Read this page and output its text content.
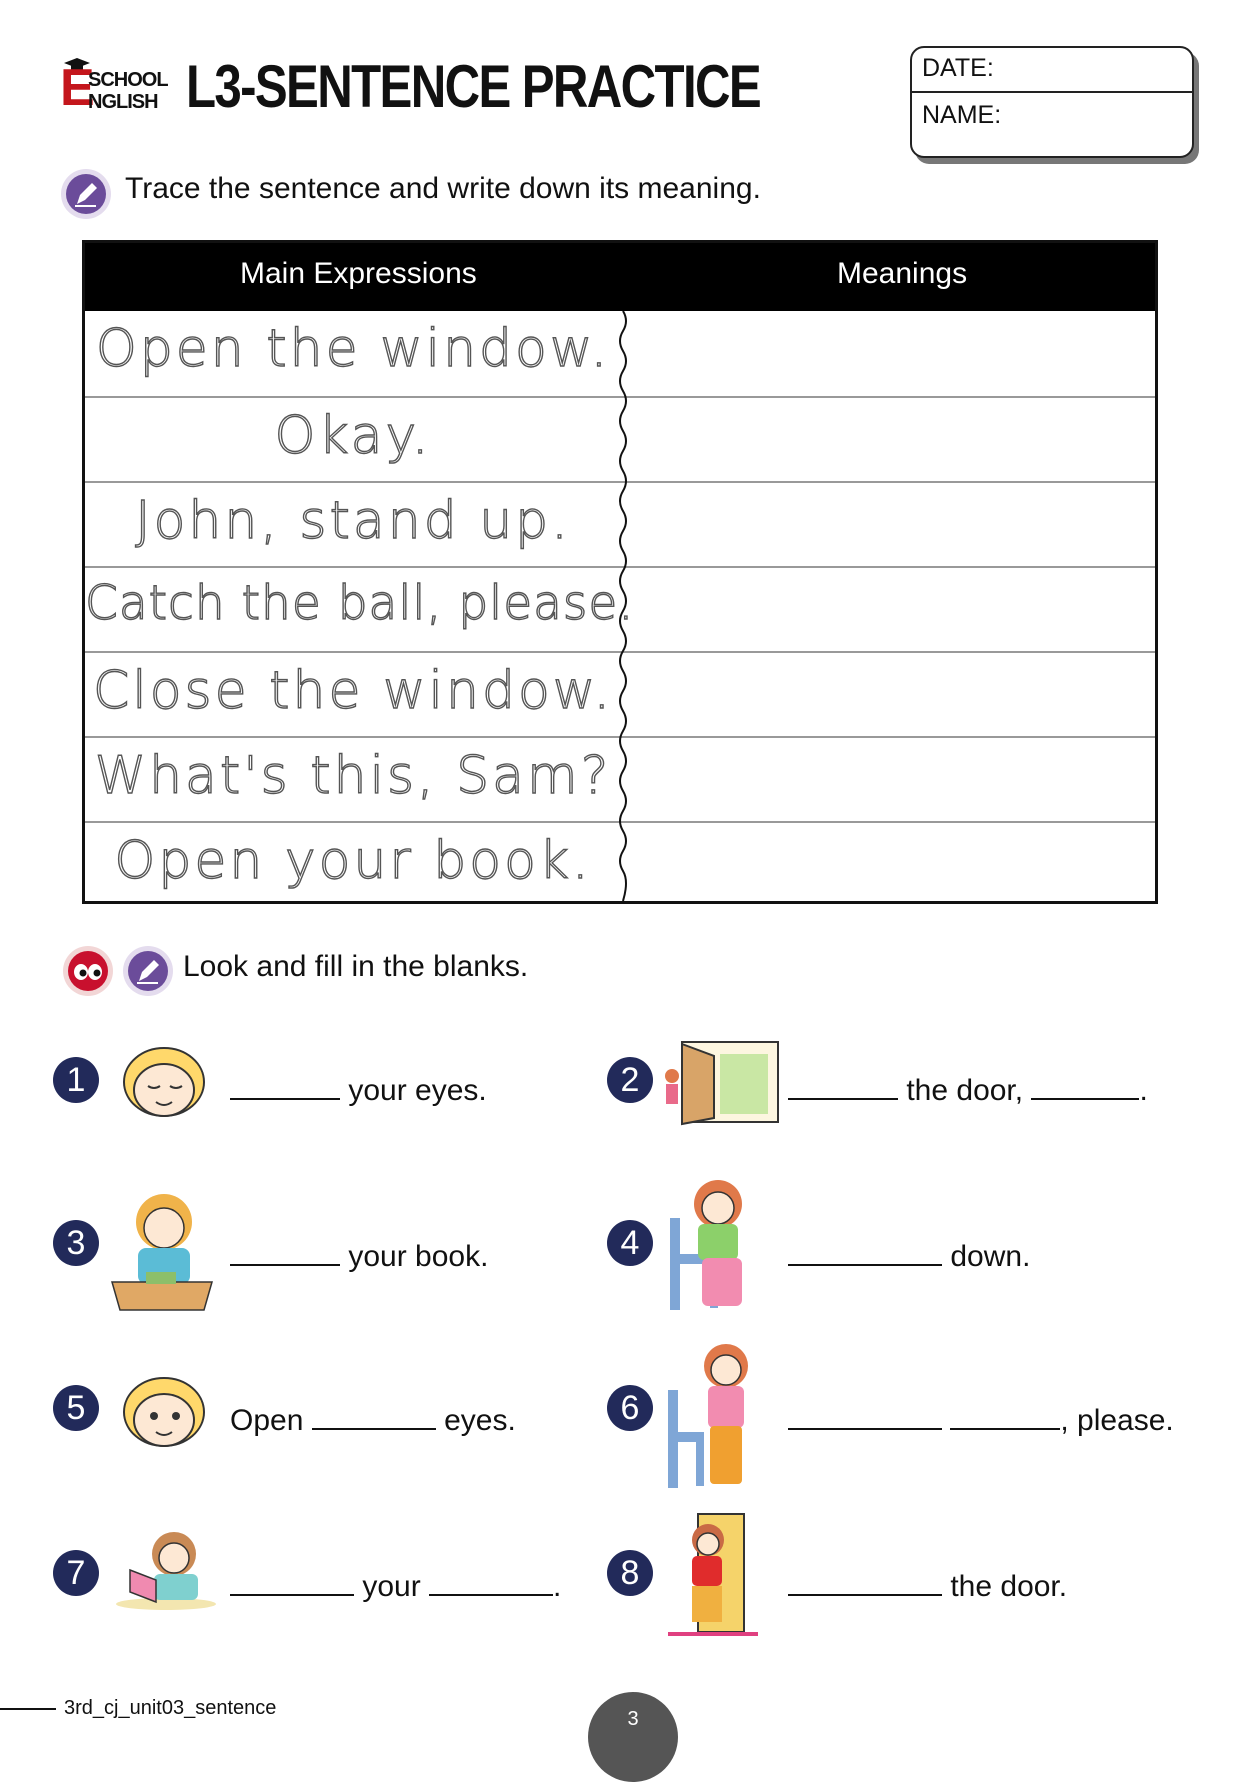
E
SCHOOL
NGLISH L3-SENTENCE PRACTICE	DATE:
NAME:
Trace the sentence and write down its meaning.
Main Expressions	Meanings
Open the window.
Okay.
John, stand up.
Catch the ball, please.
Close the window.
What's this, Sam?
Open your book.
Look and fill in the blanks.
1	your eyes.	2	the door,	.
3	your book.	4	down.
5	Open	eyes.	6	, please.
7	your	.	8	the door.
3rd_cj_unit03_sentence	3
